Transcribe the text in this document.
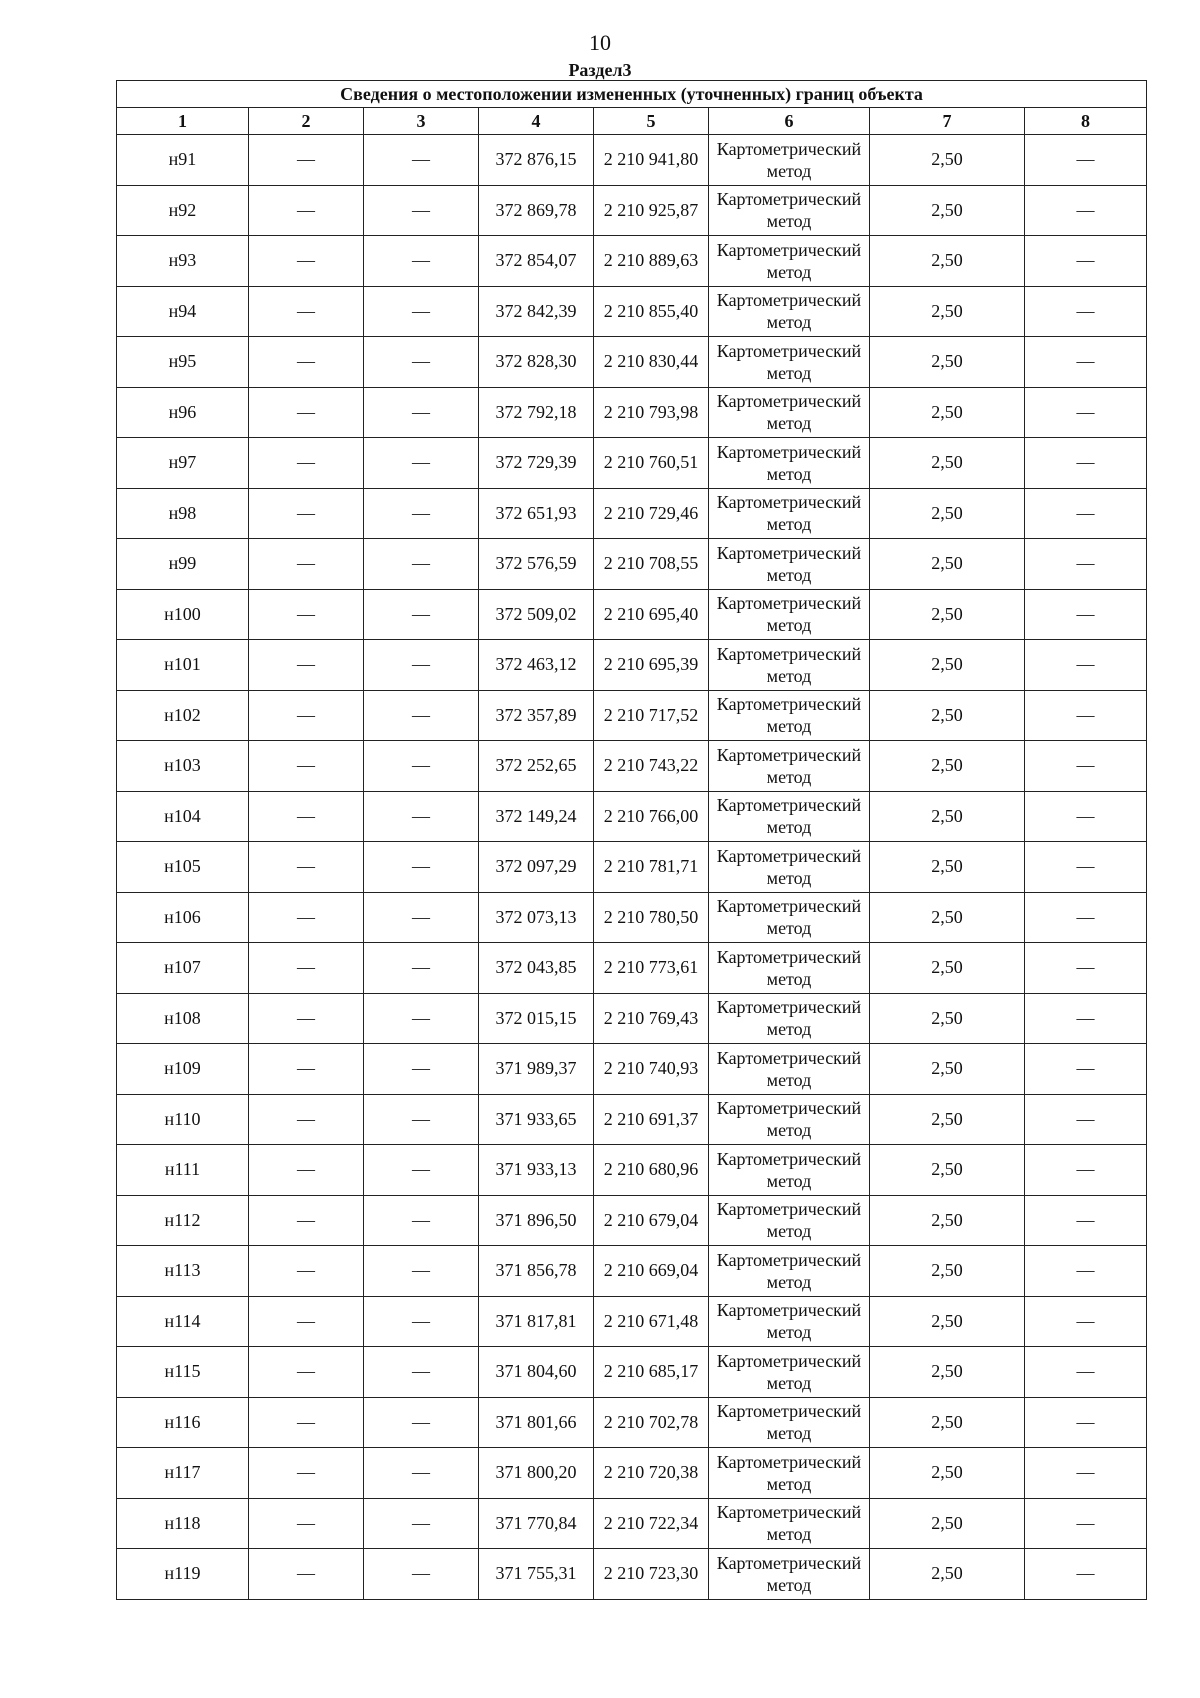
10
Раздел3
Сведения о местоположении измененных (уточненных) границ объекта							
1	2	3	4	5	6	7	8
н91	—	—	372 876,15	2 210 941,80	Картометрический метод	2,50	—
н92	—	—	372 869,78	2 210 925,87	Картометрический метод	2,50	—
н93	—	—	372 854,07	2 210 889,63	Картометрический метод	2,50	—
н94	—	—	372 842,39	2 210 855,40	Картометрический метод	2,50	—
н95	—	—	372 828,30	2 210 830,44	Картометрический метод	2,50	—
н96	—	—	372 792,18	2 210 793,98	Картометрический метод	2,50	—
н97	—	—	372 729,39	2 210 760,51	Картометрический метод	2,50	—
н98	—	—	372 651,93	2 210 729,46	Картометрический метод	2,50	—
н99	—	—	372 576,59	2 210 708,55	Картометрический метод	2,50	—
н100	—	—	372 509,02	2 210 695,40	Картометрический метод	2,50	—
н101	—	—	372 463,12	2 210 695,39	Картометрический метод	2,50	—
н102	—	—	372 357,89	2 210 717,52	Картометрический метод	2,50	—
н103	—	—	372 252,65	2 210 743,22	Картометрический метод	2,50	—
н104	—	—	372 149,24	2 210 766,00	Картометрический метод	2,50	—
н105	—	—	372 097,29	2 210 781,71	Картометрический метод	2,50	—
н106	—	—	372 073,13	2 210 780,50	Картометрический метод	2,50	—
н107	—	—	372 043,85	2 210 773,61	Картометрический метод	2,50	—
н108	—	—	372 015,15	2 210 769,43	Картометрический метод	2,50	—
н109	—	—	371 989,37	2 210 740,93	Картометрический метод	2,50	—
н110	—	—	371 933,65	2 210 691,37	Картометрический метод	2,50	—
н111	—	—	371 933,13	2 210 680,96	Картометрический метод	2,50	—
н112	—	—	371 896,50	2 210 679,04	Картометрический метод	2,50	—
н113	—	—	371 856,78	2 210 669,04	Картометрический метод	2,50	—
н114	—	—	371 817,81	2 210 671,48	Картометрический метод	2,50	—
н115	—	—	371 804,60	2 210 685,17	Картометрический метод	2,50	—
н116	—	—	371 801,66	2 210 702,78	Картометрический метод	2,50	—
н117	—	—	371 800,20	2 210 720,38	Картометрический метод	2,50	—
н118	—	—	371 770,84	2 210 722,34	Картометрический метод	2,50	—
н119	—	—	371 755,31	2 210 723,30	Картометрический метод	2,50	—
